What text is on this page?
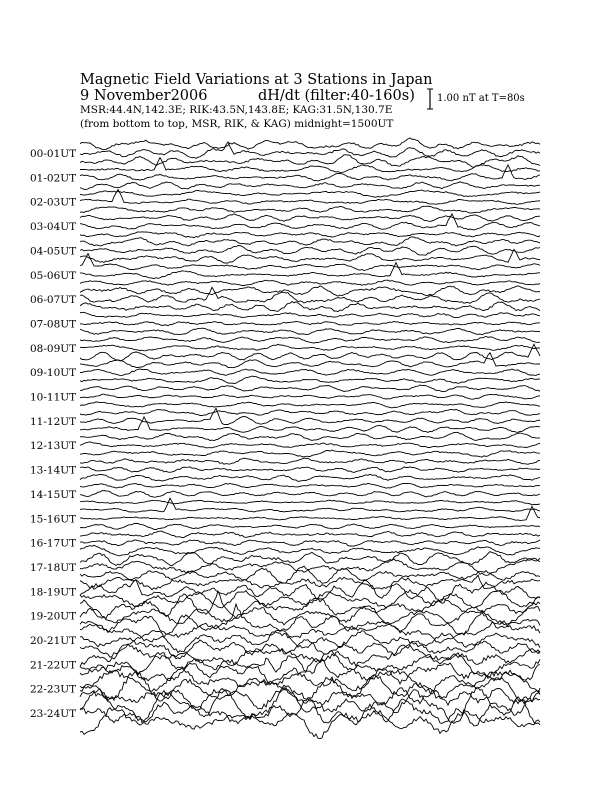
Magnetic Field Variations at 3 Stations in Japan
9 November2006	dH/dt (filter:40-160s)
MSR:44.4N,142.3E; RIK:43.5N,143.8E; KAG:31.5N,130.7E
(from bottom to top, MSR, RIK, & KAG) midnight=1500UT
1.00 nT at T=80s
00-01UT
01-02UT
02-03UT
03-04UT
04-05UT
05-06UT
06-07UT
07-08UT
08-09UT
09-10UT
10-11UT
11-12UT
12-13UT
13-14UT
14-15UT
15-16UT
16-17UT
17-18UT
18-19UT
19-20UT
20-21UT
21-22UT
22-23UT
23-24UT
